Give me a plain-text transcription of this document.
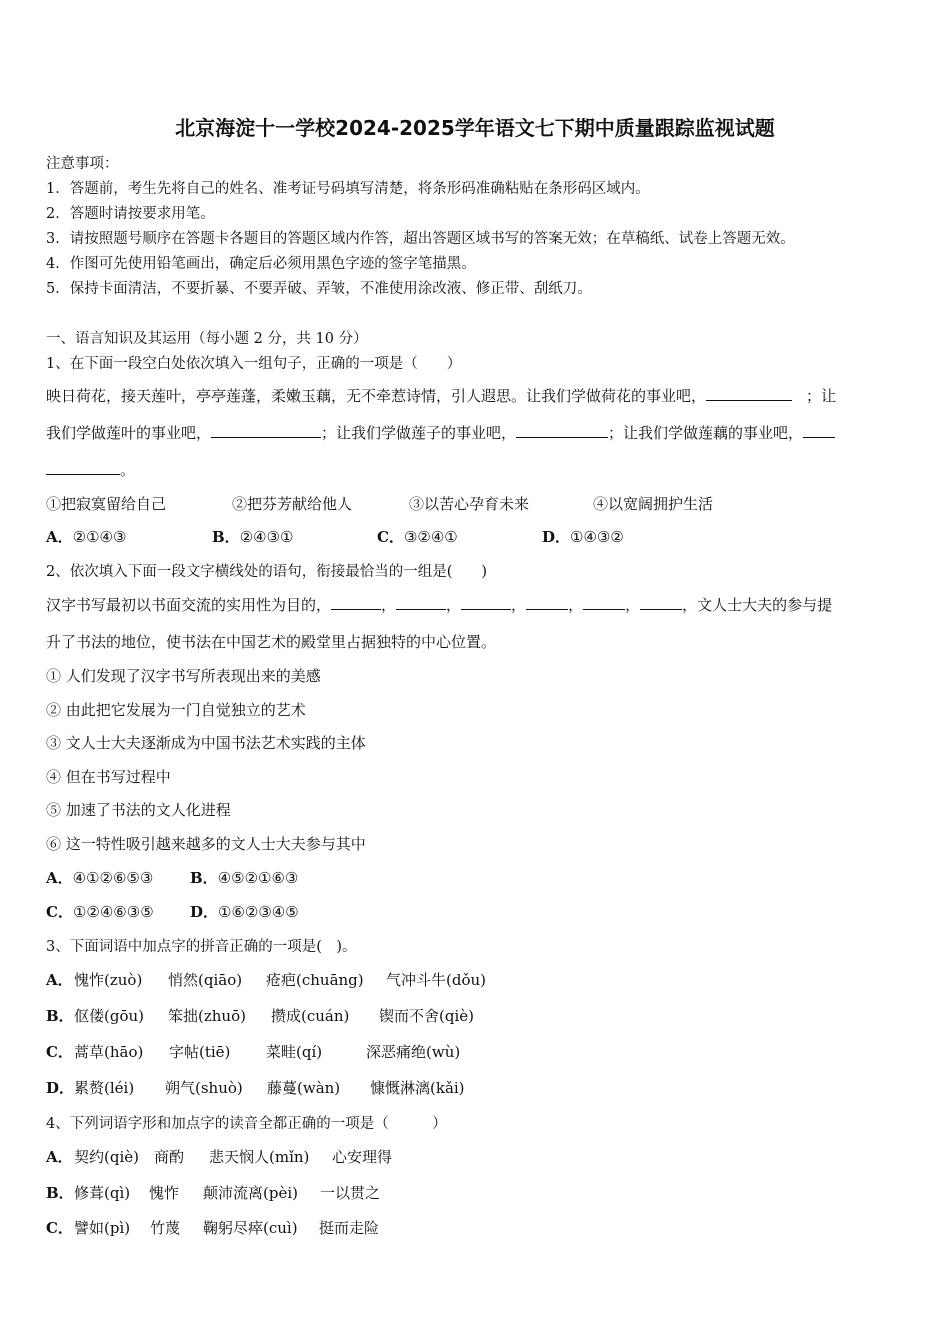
北京海淀十一学校2024-2025学年语文七下期中质量跟踪监视试题
注意事项：
1．答题前，考生先将自己的姓名、准考证号码填写清楚，将条形码准确粘贴在条形码区域内。
2．答题时请按要求用笔。
3．请按照题号顺序在答题卡各题目的答题区域内作答，超出答题区域书写的答案无效；在草稿纸、试卷上答题无效。
4．作图可先使用铅笔画出，确定后必须用黑色字迹的签字笔描黑。
5．保持卡面清洁，不要折暴、不要弄破、弄皱，不准使用涂改液、修正带、刮纸刀。
一、语言知识及其运用（每小题 2 分，共 10 分）
1、在下面一段空白处依次填入一组句子，正确的一项是（　　）
映日荷花，接天莲叶，亭亭莲蓬，柔嫩玉藕，无不牵惹诗情，引人遐思。让我们学做荷花的事业吧，	；让
我们学做莲叶的事业吧，	；让我们学做莲子的事业吧，	；让我们学做莲藕的事业吧，
。
①把寂寞留给自己	②把芬芳献给他人	③以苦心孕育未来	④以宽阔拥护生活
A．②①④③	B．②④③①	C．③②④①	D．①④③②
2、依次填入下面一段文字横线处的语句，衔接最恰当的一组是(　　)
汉字书写最初以书面交流的实用性为目的，	，	，	，	，	，	，文人士大夫的参与提
升了书法的地位，使书法在中国艺术的殿堂里占据独特的中心位置。
① 人们发现了汉字书写所表现出来的美感
② 由此把它发展为一门自觉独立的艺术
③ 文人士大夫逐渐成为中国书法艺术实践的主体
④ 但在书写过程中
⑤ 加速了书法的文人化进程
⑥ 这一特性吸引越来越多的文人士大夫参与其中
A．④①②⑥⑤③ B．④⑤②①⑥③
C．①②④⑥③⑤ D．①⑥②③④⑤
3、下面词语中加点字的拼音正确的一项是(　)。
A．愧怍(zuò) 悄然(qiāo) 疮疤(chuāng) 气冲斗牛(dǒu)
B．伛偻(gōu) 笨拙(zhuō) 攒成(cuán) 锲而不舍(qiè)
C．蒿草(hāo) 字帖(tiē) 菜畦(qí)	深恶痛绝(wù)
D．累赘(léi) 朔气(shuò) 藤蔓(wàn) 慷慨淋漓(kǎi)
4、下列词语字形和加点字的读音全都正确的一项是（　　　）
A．契约(qiè) 商酌 悲天悯人(mǐn) 心安理得
B．修葺(qì) 愧怍 颠沛流离(pèi) 一以贯之
C．譬如(pì) 竹蔑 鞠躬尽瘁(cuì) 挺而走险
